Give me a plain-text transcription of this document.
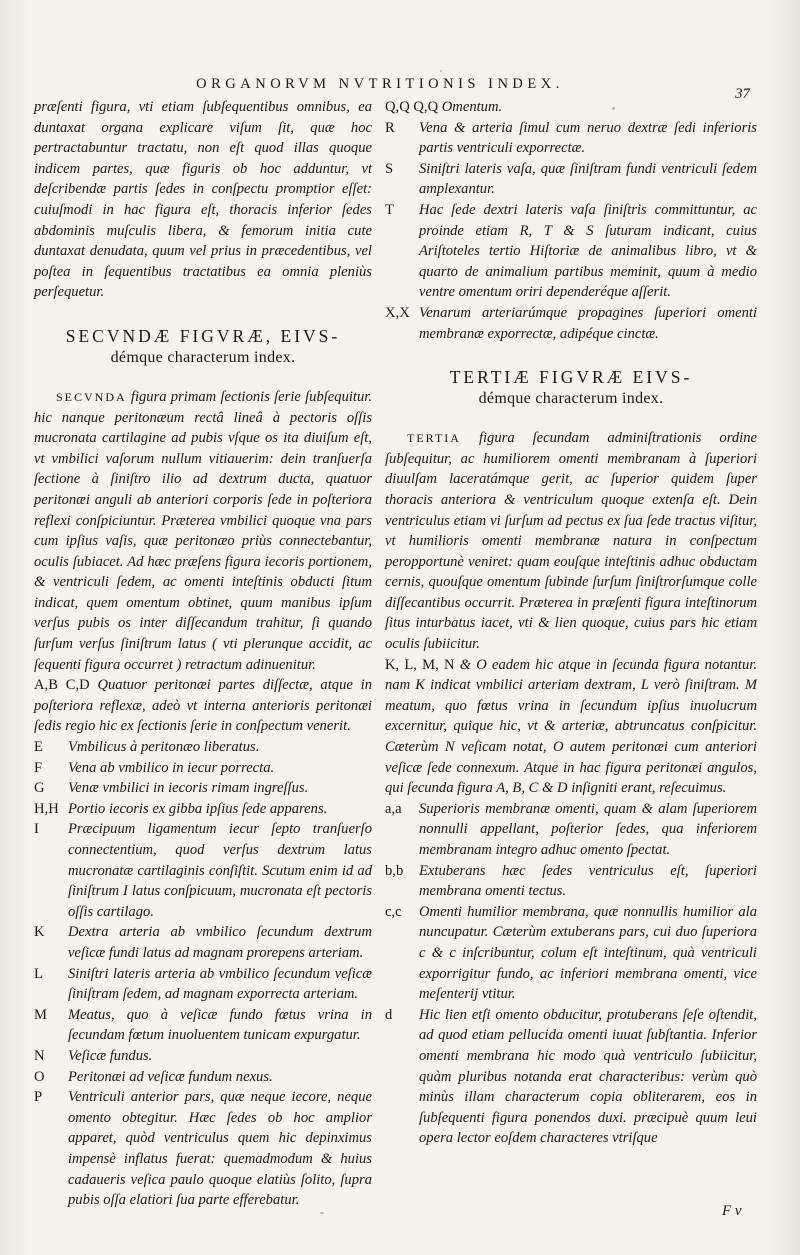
ORGANORVM NVTRITIONIS INDEX.
37

præſenti figura, vti etiam ſubſequentibus omnibus, ea duntaxat organa explicare viſum ſit, quæ hoc pertractabuntur tractatu, non eſt quod illas quoque indicem partes, quæ figuris ob hoc adduntur, vt deſcribendæ partis ſedes in conſpectu promptior eſſet: cuiuſmodi in hac figura eſt, thoracis inferior ſedes abdominis muſculis libera, & femorum initia cute duntaxat denudata, quum vel prius in præcedentibus, vel poſtea in ſequentibus tractatibus ea omnia pleniùs perſequetur.

SECVNDÆ FIGVRÆ, EIVS-
démque characterum index.

SECVNDA figura primam ſectionis ſerie ſubſequitur. hic nanque peritonæum rectâ lineâ à pectoris oſſis mucronata cartilagine ad pubis vſque os ita diuiſum eſt, vt vmbilici vaſorum nullum vitiauerim: dein tranſuerſa ſectione à ſiniſtro ilio ad dextrum ducta, quatuor peritonæi anguli ab anteriori corporis ſede in poſteriora reflexi conſpiciuntur. Præterea vmbilici quoque vna pars cum ipſius vaſis, quæ peritonæo priùs connectebantur, oculis ſubiacet. Ad hæc præſens figura iecoris portionem, & ventriculi ſedem, ac omenti inteſtinis obducti ſitum indicat, quem omentum obtinet, quum manibus ipſum verſus pubis os inter diſſecandum trahitur, ſi quando ſurſum verſus ſiniſtrum latus ( vti plerunque accidit, ac ſequenti figura occurret ) retractum adinuenitur.

A,B C,D Quatuor peritonæi partes diſſectæ, atque in poſteriora reflexæ, adeò vt interna anterioris peritonæi ſedis regio hic ex ſectionis ſerie in conſpectum venerit.

E	Vmbilicus à peritonæo liberatus.

F	Vena ab vmbilico in iecur porrecta.

G	Venæ vmbilici in iecoris rimam ingreſſus.

H,H Portio iecoris ex gibba ipſius ſede apparens.

I	Præcipuum ligamentum iecur ſepto tranſuerſo connectentium, quod verſus dextrum latus mucronatæ cartilaginis conſiſtit. Scutum enim id ad ſiniſtrum I latus conſpicuum, mucronata eſt pectoris oſſis cartilago.

K	Dextra arteria ab vmbilico ſecundum dextrum veſicæ fundi latus ad magnam prorepens arteriam.

L	Siniſtri lateris arteria ab vmbilico ſecundum veſicæ ſiniſtram ſedem, ad magnam exporrecta arteriam.

M	Meatus, quo à veſicæ fundo fœtus vrina in ſecundam fœtum inuoluentem tunicam expurgatur.

N	Veſicæ fundus.

O	Peritonæi ad veſicæ fundum nexus.

P	Ventriculi anterior pars, quæ neque iecore, neque omento obtegitur. Hæc ſedes ob hoc amplior apparet, quòd ventriculus quem hic depinximus impensè inflatus fuerat: quemadmodum & huius cadaueris veſica paulo quoque elatiùs ſolito, ſupra pubis oſſa elatiori ſua parte efferebatur.

Q,Q Q,Q Omentum.

R	Vena & arteria ſimul cum neruo dextræ ſedi inferioris partis ventriculi exporrectæ.

S	Siniſtri lateris vaſa, quæ ſiniſtram fundi ventriculi ſedem amplexantur.

T	Hac ſede dextri lateris vaſa ſiniſtris committuntur, ac proinde etiam R, T & S ſuturam indicant, cuius Ariſtoteles tertio Hiſtoriæ de animalibus libro, vt & quarto de animalium partibus meminit, quum à medio ventre omentum oriri dependeréque aſſerit.

X,X Venarum arteriarúmque propagines ſuperiori omenti membranæ exporrectæ, adipéque cinctæ.

TERTIÆ FIGVRÆ EIVS-
démque characterum index.

TERTIA figura ſecundam adminiſtrationis ordine ſubſequitur, ac humiliorem omenti membranam à ſuperiori diuulſam laceratámque gerit, ac ſuperior quidem ſuper thoracis anteriora & ventriculum quoque extenſa eſt. Dein ventriculus etiam vi ſurſum ad pectus ex ſua ſede tractus viſitur, vt humilioris omenti membranæ natura in conſpectum peropportunè veniret: quam eouſque inteſtinis adhuc obductam cernis, quouſque omentum ſubinde ſurſum ſiniſtrorſumque colle diſſecantibus occurrit. Præterea in præſenti figura inteſtinorum ſitus inturbatus iacet, vti & lien quoque, cuius pars hic etiam oculis ſubiicitur.

K, L, M, N & O eadem hic atque in ſecunda figura notantur. nam K indicat vmbilici arteriam dextram, L verò ſiniſtram. M meatum, quo fœtus vrina in ſecundum ipſius inuolucrum excernitur, quique hic, vt & arteriæ, abtruncatus conſpicitur. Cæterùm N veſicam notat, O autem peritonæi cum anteriori veſicæ ſede connexum. Atque in hac figura peritonæi angulos, qui ſecunda figura A, B, C & D inſigniti erant, reſecuimus.

a,a	Superioris membranæ omenti, quam & alam ſuperiorem nonnulli appellant, poſterior ſedes, qua inferiorem membranam integro adhuc omento ſpectat.

b,b	Extuberans hæc ſedes ventriculus eſt, ſuperiori membrana omenti tectus.

c,c	Omenti humilior membrana, quæ nonnullis humilior ala nuncupatur. Cæterùm extuberans pars, cui duo ſuperiora c & c inſcribuntur, colum eſt inteſtinum, quà ventriculi exporrigitur fundo, ac inferiori membrana omenti, vice meſenterij vtitur.

d	Hic lien etſi omento obducitur, protuberans ſeſe oſtendit, ad quod etiam pellucida omenti iuuat ſubſtantia. Inferior omenti membrana hic modo quà ventriculo ſubiicitur, quàm pluribus notanda erat characteribus: verùm quò minùs illam characterum copia obliterarem, eos in ſubſequenti figura ponendos duxi. præcipuè quum leui opera lector eoſdem characteres vtriſque

F v
